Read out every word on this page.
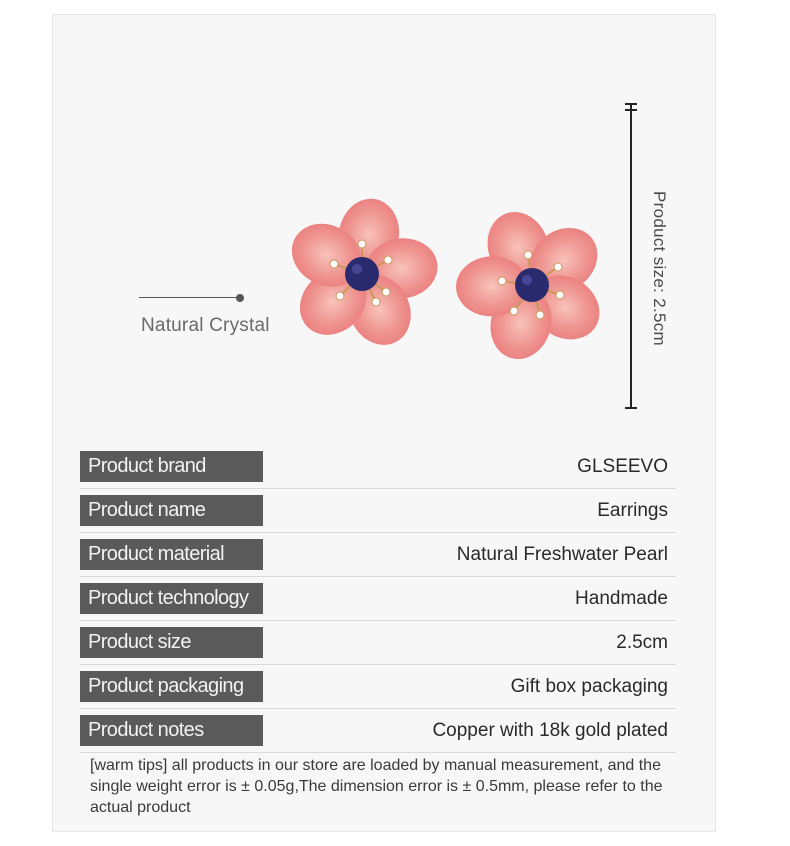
Natural Crystal	Product size: 2.5cm
Product brand	GLSEEVO
Product name	Earrings
Product material	Natural Freshwater Pearl
Product technology	Handmade
Product size	2.5cm
Product packaging	Gift box packaging
Product notes	Copper with 18k gold plated
[warm tips] all products in our store are loaded by manual measurement, and the single weight error is ± 0.05g,The dimension error is ± 0.5mm, please refer to the actual product
